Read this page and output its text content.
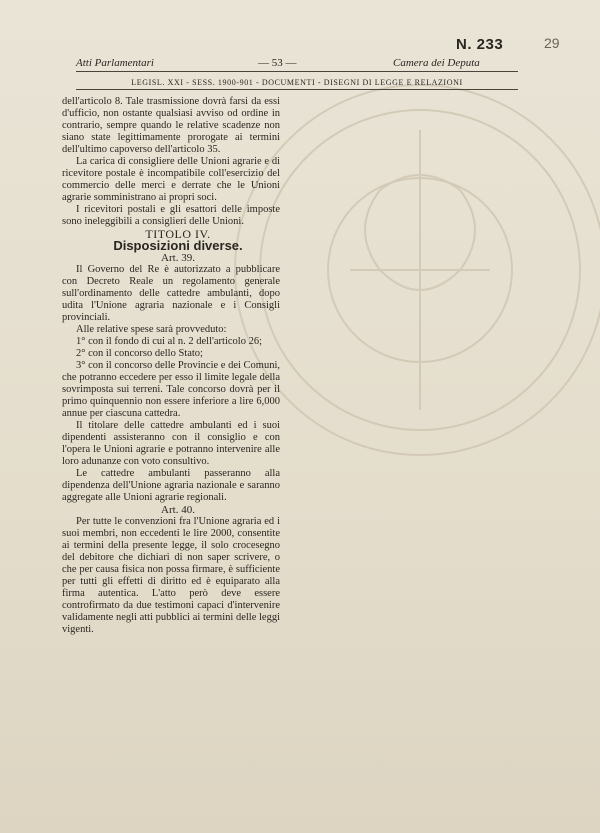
Atti Parlamentari	— 53 —	Camera dei Deputa
N. 233	29
LEGISL. XXI - SESS. 1900-901 - DOCUMENTI - DISEGNI DI LEGGE E RELAZIONI

dell'articolo 8. Tale trasmissione dovrà farsi da essi d'ufficio, non ostante qualsiasi avviso od ordine in contrario, sempre quando le relative scadenze non siano state legittimamente prorogate ai termini dell'ultimo capoverso dell'articolo 35.

La carica di consigliere delle Unioni agrarie e di ricevitore postale è incompatibile coll'esercizio del commercio delle merci e derrate che le Unioni agrarie somministrano ai propri soci.

I ricevitori postali e gli esattori delle imposte sono ineleggibili a consiglieri delle Unioni.

TITOLO IV.

Disposizioni diverse.

Art. 39.

Il Governo del Re è autorizzato a pubblicare con Decreto Reale un regolamento generale sull'ordinamento delle cattedre ambulanti, dopo udita l'Unione agraria nazionale e i Consigli provinciali.

Alle relative spese sarà provveduto:

1° con il fondo di cui al n. 2 dell'articolo 26;

2° con il concorso dello Stato;

3° con il concorso delle Provincie e dei Comuni, che potranno eccedere per esso il limite legale della sovrimposta sui terreni. Tale concorso dovrà per il primo quinquennio non essere inferiore a lire 6,000 annue per ciascuna cattedra.

Il titolare delle cattedre ambulanti ed i suoi dipendenti assisteranno con il consiglio e con l'opera le Unioni agrarie e potranno intervenire alle loro adunanze con voto consultivo.

Le cattedre ambulanti passeranno alla dipendenza dell'Unione agraria nazionale e saranno aggregate alle Unioni agrarie regionali.

Art. 40.

Per tutte le convenzioni fra l'Unione agraria ed i suoi membri, non eccedenti le lire 2000, consentite ai termini della presente legge, il solo crocesegno del debitore che dichiari di non saper scrivere, o che per causa fisica non possa firmare, è sufficiente per tutti gli effetti di diritto ed è equiparato alla firma autentica. L'atto però deve essere controfirmato da due testimoni capaci d'intervenire validamente negli atti pubblici ai termini delle leggi vigenti.
